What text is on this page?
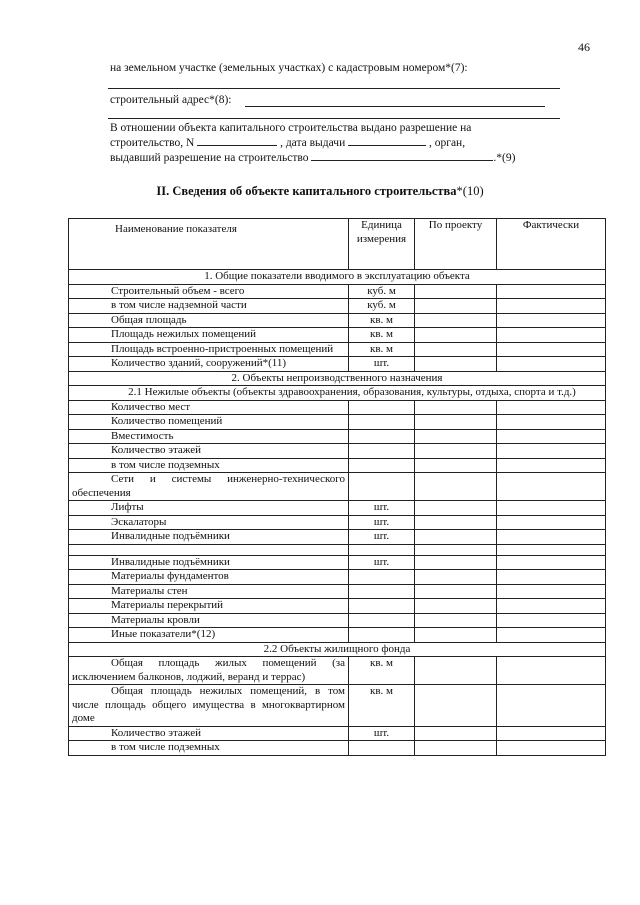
46
на земельном участке (земельных участках) с кадастровым номером*(7):
строительный адрес*(8):
В отношении объекта капитального строительства выдано разрешение на
строительство, N	, дата выдачи	, орган,
выдавший разрешение на строительство	.*(9)
II. Сведения об объекте капитального строительства*(10)
Наименование показателя	Единица измерения	По проекту	Фактически
1. Общие показатели вводимого в эксплуатацию объекта			
Строительный объем - всего	куб. м		
в том числе надземной части	куб. м		
Общая площадь	кв. м		
Площадь нежилых помещений	кв. м		
Площадь встроенно-пристроенных помещений	кв. м		
Количество зданий, сооружений*(11)	шт.		
2. Объекты непроизводственного назначения			
2.1 Нежилые объекты (объекты здравоохранения, образования, культуры, отдыха, спорта и т.д.)			
Количество мест			
Количество помещений			
Вместимость			
Количество этажей			
в том числе подземных			
Сети и системы инженерно-технического обеспечения			
Лифты	шт.		
Эскалаторы	шт.		
Инвалидные подъёмники	шт.		

Инвалидные подъёмники	шт.		
Материалы фундаментов			
Материалы стен			
Материалы перекрытий			
Материалы кровли			
Иные показатели*(12)			
2.2 Объекты жилищного фонда			
Общая площадь жилых помещений (за исключением балконов, лоджий, веранд и террас)	кв. м		
Общая площадь нежилых помещений, в том числе площадь общего имущества в многоквартирном доме	кв. м		
Количество этажей	шт.		
в том числе подземных			
